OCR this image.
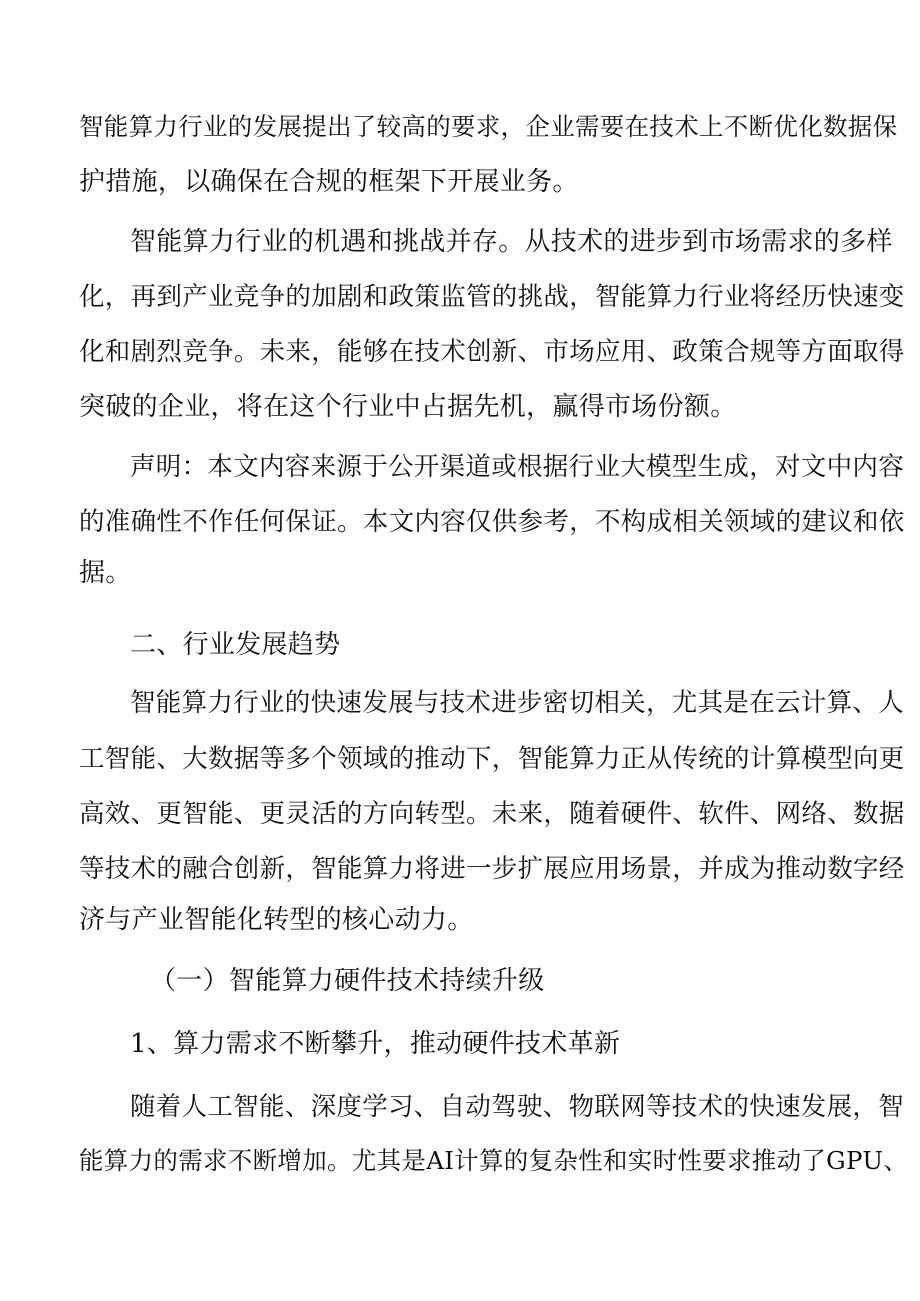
智能算力行业的发展提出了较高的要求，企业需要在技术上不断优化数据保
护措施，以确保在合规的框架下开展业务。
智能算力行业的机遇和挑战并存。从技术的进步到市场需求的多样
化，再到产业竞争的加剧和政策监管的挑战，智能算力行业将经历快速变
化和剧烈竞争。未来，能够在技术创新、市场应用、政策合规等方面取得
突破的企业，将在这个行业中占据先机，赢得市场份额。
声明：本文内容来源于公开渠道或根据行业大模型生成，对文中内容
的准确性不作任何保证。本文内容仅供参考，不构成相关领域的建议和依
据。
二、行业发展趋势
智能算力行业的快速发展与技术进步密切相关，尤其是在云计算、人
工智能、大数据等多个领域的推动下，智能算力正从传统的计算模型向更
高效、更智能、更灵活的方向转型。未来，随着硬件、软件、网络、数据
等技术的融合创新，智能算力将进一步扩展应用场景，并成为推动数字经
济与产业智能化转型的核心动力。
（一）智能算力硬件技术持续升级
1、算力需求不断攀升，推动硬件技术革新
随着人工智能、深度学习、自动驾驶、物联网等技术的快速发展，智
能算力的需求不断增加。尤其是AI计算的复杂性和实时性要求推动了GPU、
